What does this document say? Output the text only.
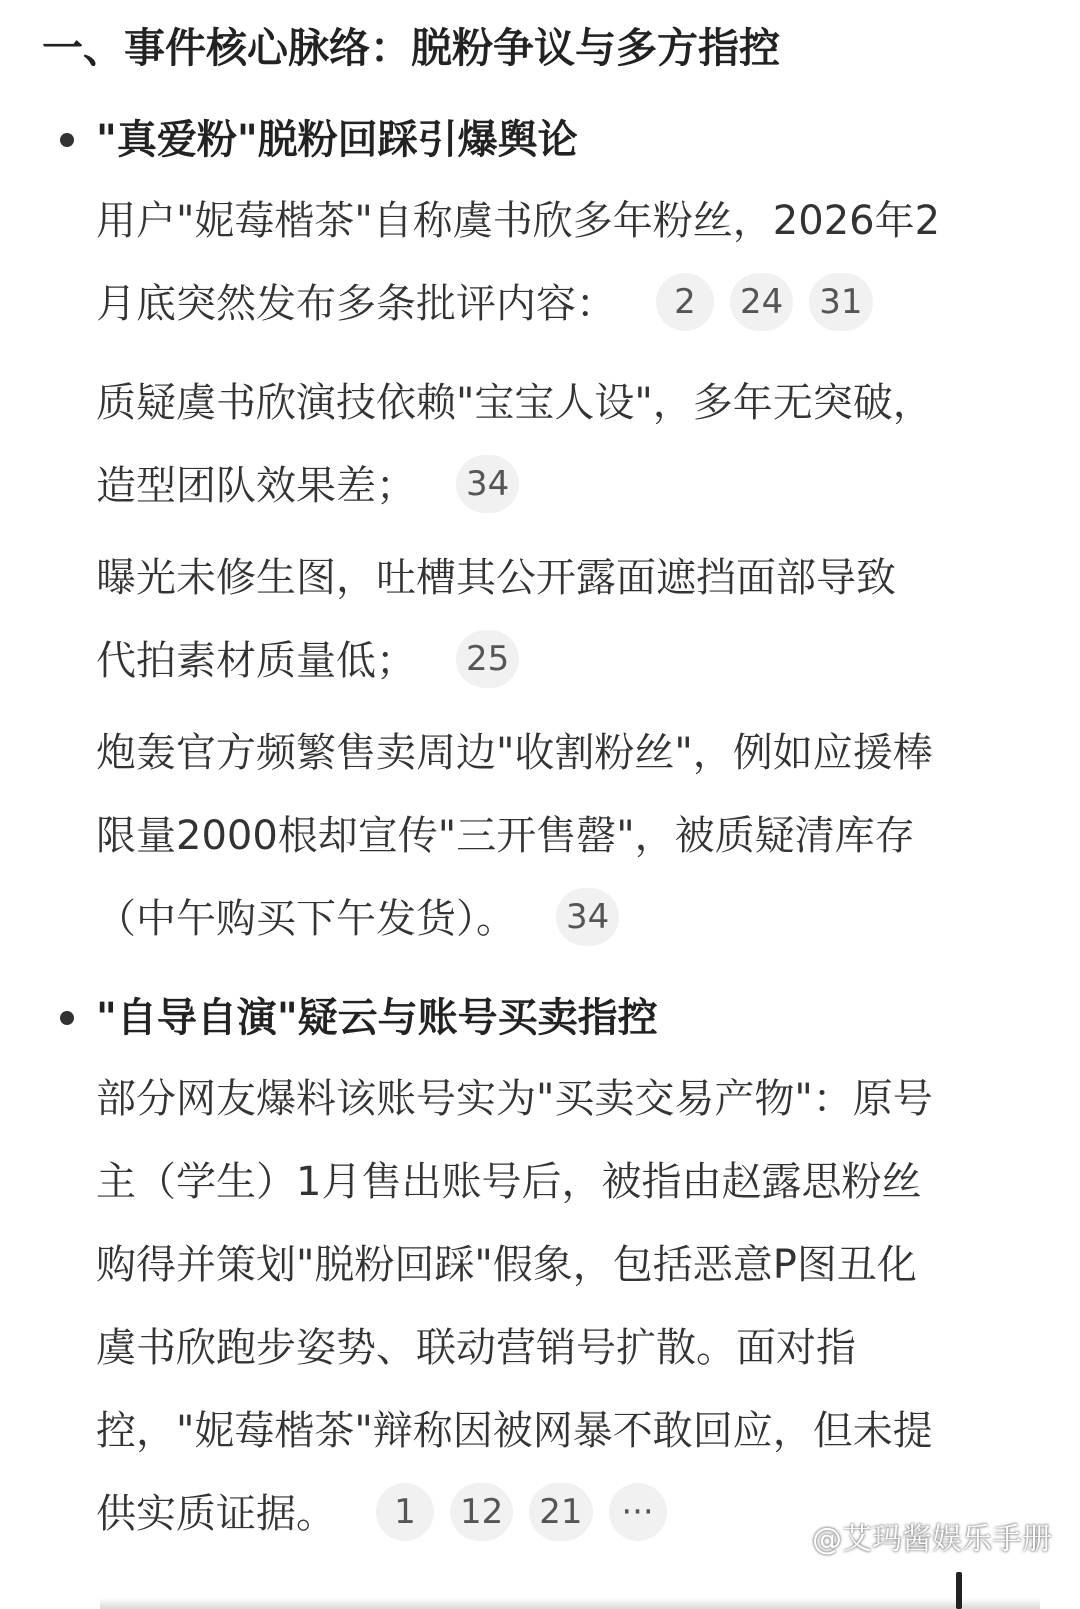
一、事件核心脉络：脱粉争议与多方指控
"真爱粉"脱粉回踩引爆舆论
用户"妮莓楷茶"自称虞书欣多年粉丝，2026年2
月底突然发布多条批评内容： 2 24 31
质疑虞书欣演技依赖"宝宝人设"，多年无突破，
造型团队效果差； 34
曝光未修生图，吐槽其公开露面遮挡面部导致
代拍素材质量低； 25
炮轰官方频繁售卖周边"收割粉丝"，例如应援棒
限量2000根却宣传"三开售罄"，被质疑清库存
（中午购买下午发货）。 34
"自导自演"疑云与账号买卖指控
部分网友爆料该账号实为"买卖交易产物"：原号
主（学生）1月售出账号后，被指由赵露思粉丝
购得并策划"脱粉回踩"假象，包括恶意P图丑化
虞书欣跑步姿势、联动营销号扩散。面对指
控，"妮莓楷茶"辩称因被网暴不敢回应，但未提
供实质证据。 1 12 21 ···
@艾玛酱娱乐手册
